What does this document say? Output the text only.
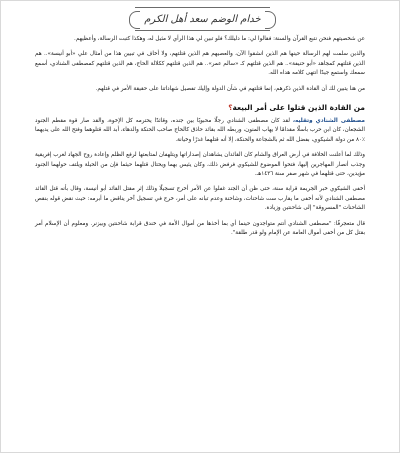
خدام الوضم سعد أهل الكرم

عن شخصيتهم فنحن نتبع القرآن والسنة: فقالوا لي: ما دليلك؟ فلو تبين لي هذا الرأي لا مثيل له، وهكذا كتبت الرسالة، وأعظيهم.

والذين سلمت لهم الرسالة حينها هم الذين انشقوا الآن، والعصيهم هم الذين قتلتهم، ولا أخاف في تبيين هذا من أمثال علي «أبو أنيسة».. هم الذين قتلتهم كمجاهد «أبو حنيفة».. هم الذين قتلتهم كـ «سالم عمر».. هم الذين قتلتهم ككلالة الحاج، هم الذين قتلتهم كمصطفى الشنادي، أسمع سمعك واستمع جيدًا انتهى كلامه هداه الله.

من هنا يتبين لك أن القادة الذين ذكرهم، إنما قتلتهم في شأن الدولة وإليك تفصيل شهاداتنا على حقيقة الأمر في قتلهم.

من القادة الذين قتلوا على أمر البيعة؟

مصطفى الشنادي وتقليه، لقد كان مصطفى الشنادي رجلًا محبوبًا بين جنده، وقائدًا يحترمه كل الإخوة، والقد صار قوة مقطم الجنود الشجعان، كان ابن حرب باسلًا مقدامًا لا يهاب المنون، وربطه الله بقائد حاذق كالحاج صاحب الحنكة والدهاء، أبد الله قتلوهما وفتح الله على يديهما ٪٨٠ من دولة الشيكوي، بفضل الله ثم بالشجاعة والحنكة، إلا أنه قتلهما غدرًا وخيانة.

وذلك لما أعلنت الخلافة في أرض العراق والشام كان القائدان يشاهدان إصداراتها ويتلهفان لمتابعتها لرفع الظلم وإعادة روح الجهاد لغرب إفريقية وجذب أنصار المهاجرين إليها، فتحوا الموضوع للشيكوي فرفض ذلك، وكان يئيس بهما ويحتال قتلهما حيثما فإن من الحيلة ويلتف حولهما الجنود مؤيدين، حتى قتلهما في شهر صفر سنة ١٤٣٦هـ.

أخفى الشيكوي خبر الجريمة قرابة سنة، حتى ظن أن الجند غفلوا عن الأمر أخرج تسجيلًا وذلك إثر مقتل القائد أبو أنيسة، وقال بأنه قتل القائد مصطفى الشنادي لأنه أخفى ما يقارب ست شاحنات، وشاحنة وعدم تبانه على أمر، خرج في تسجيل آخر يناقض ما أبرمه: حيث نقض قوله بنقص الشاحنات "المسروقة" إلى شاحنتين وزيادة.

قال متعجرفًا: "مصطفى الشنادي أنتم متواجدون حينما أي بما أخذها من أموال الأمة في خندق قرابة شاحنتين وبيزنر. ومعلوم أن الإسلام أمر بقتل كل من أخفى أموال العامة عن الإمام ولو قدر طلقة".
